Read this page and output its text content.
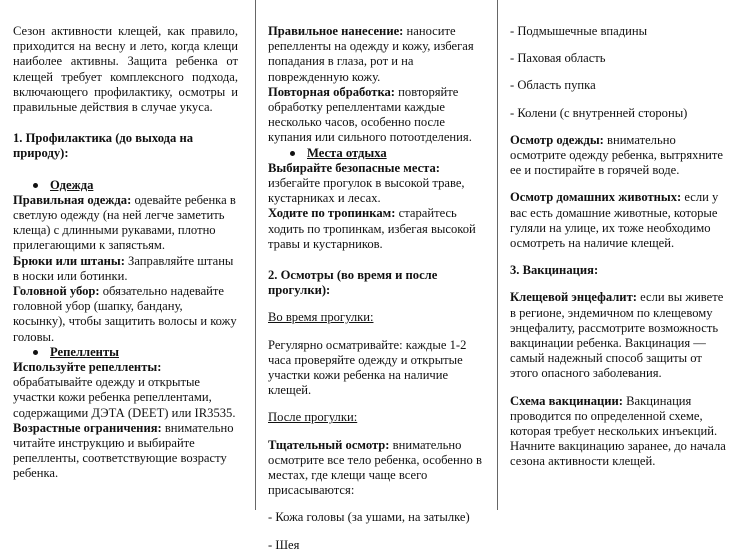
Сезон активности клещей, как правило, приходится на весну и лето, когда клещи наиболее активны. Защита ребенка от клещей требует комплексного подхода, включающего профилактику, осмотры и правильные действия в случае укуса.

1. Профилактика (до выхода на природу):

Одежда

Правильная одежда: одевайте ребенка в светлую одежду (на ней легче заметить клеща) с длинными рукавами, плотно прилегающими к запястьям.

Брюки или штаны: Заправляйте штаны в носки или ботинки.

Головной убор: обязательно надевайте головной убор (шапку, бандану, косынку), чтобы защитить волосы и кожу головы.

Репелленты

Используйте репелленты: обрабатывайте одежду и открытые участки кожи ребенка репеллентами, содержащими ДЭТА (DEET) или IR3535.

Возрастные ограничения: внимательно читайте инструкцию и выбирайте репелленты, соответствующие возрасту ребенка.

Правильное нанесение: наносите репелленты на одежду и кожу, избегая попадания в глаза, рот и на поврежденную кожу.

Повторная обработка: повторяйте обработку репеллентами каждые несколько часов, особенно после купания или сильного потоотделения.

Места отдыха

Выбирайте безопасные места: избегайте прогулок в высокой траве, кустарниках и лесах.

Ходите по тропинкам: старайтесь ходить по тропинкам, избегая высокой травы и кустарников.

2. Осмотры (во время и после прогулки):

Во время прогулки:

Регулярно осматривайте: каждые 1-2 часа проверяйте одежду и открытые участки кожи ребенка на наличие клещей.

После прогулки:

Тщательный осмотр: внимательно осмотрите все тело ребенка, особенно в местах, где клещи чаще всего присасываются:

- Кожа головы (за ушами, на затылке)

- Шея

- Подмышечные впадины

- Паховая область

- Область пупка

- Колени (с внутренней стороны)

Осмотр одежды: внимательно осмотрите одежду ребенка, вытряхните ее и постирайте в горячей воде.

Осмотр домашних животных: если у вас есть домашние животные, которые гуляли на улице, их тоже необходимо осмотреть на наличие клещей.

3. Вакцинация:

Клещевой энцефалит: если вы живете в регионе, эндемичном по клещевому энцефалиту, рассмотрите возможность вакцинации ребенка. Вакцинация — самый надежный способ защиты от этого опасного заболевания.

Схема вакцинации: Вакцинация проводится по определенной схеме, которая требует нескольких инъекций. Начните вакцинацию заранее, до начала сезона активности клещей.
